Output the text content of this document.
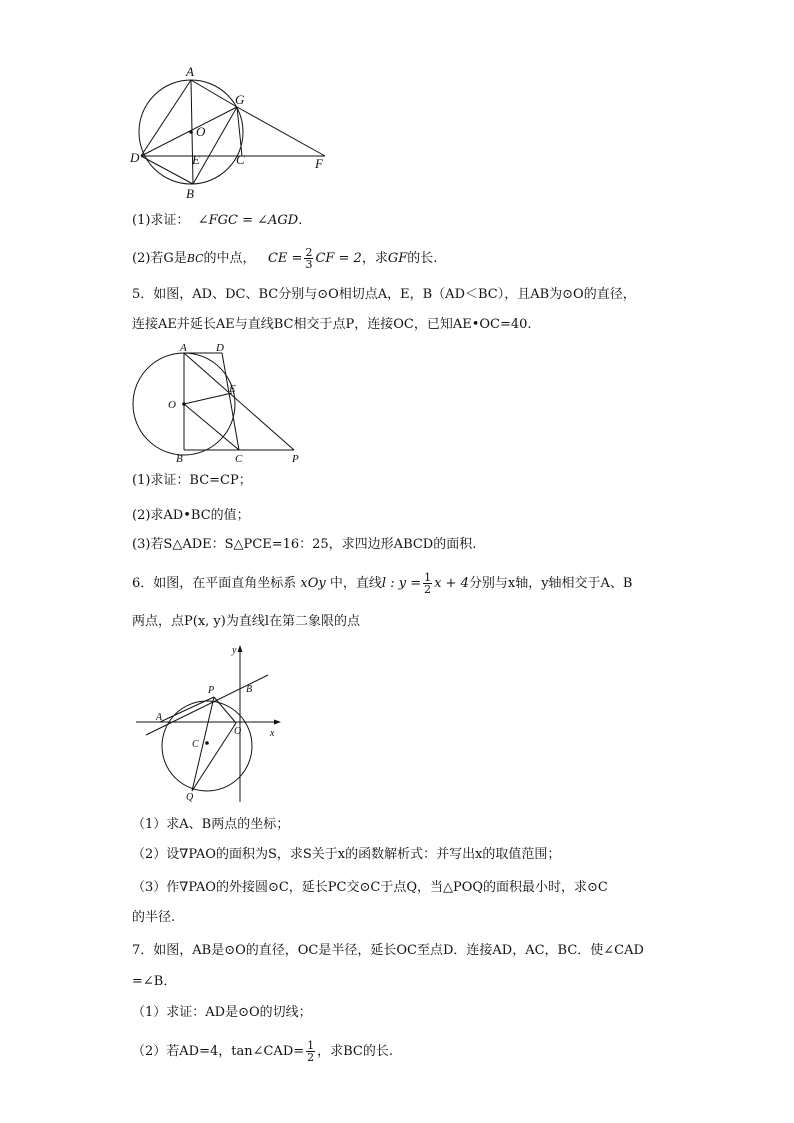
A
G
O
D	E	C	F
B
(1)求证： ∠FGC = ∠AGD.
(2)若G是BC的中点， CE = $\frac{2}{3}$ CF = 2，求GF的长.
5．如图，AD、DC、BC分别与⊙O相切点A，E，B（AD＜BC），且AB为⊙O的直径，
连接AE并延长AE与直线BC相交于点P，连接OC，已知AE•OC=40.
A	D
O
E
B	C	P
(1)求证：BC=CP；
(2)求AD•BC的值；
(3)若S△ADE：S△PCE=16：25，求四边形ABCD的面积.
6．如图，在平面直角坐标系 xOy 中，直线l : $y = \frac{1}{2}$ x + 4分别与x轴，y轴相交于A、B
两点，点P(x, y)为直线l在第二象限的点
y
P	B
A
O	x
C
Q
（1）求A、B两点的坐标；
（2）设∇PAO的面积为S，求S关于x的函数解析式：并写出x的取值范围；
（3）作∇PAO的外接圆⊙C，延长PC交⊙C于点Q，当△POQ的面积最小时，求⊙C
的半径.
7．如图，AB是⊙O的直径，OC是半径，延长OC至点D．连接AD，AC，BC．使∠CAD
=∠B．
（1）求证：AD是⊙O的切线；
（2）若AD=4，tan∠CAD= $\frac{1}{2}$ ，求BC的长.
